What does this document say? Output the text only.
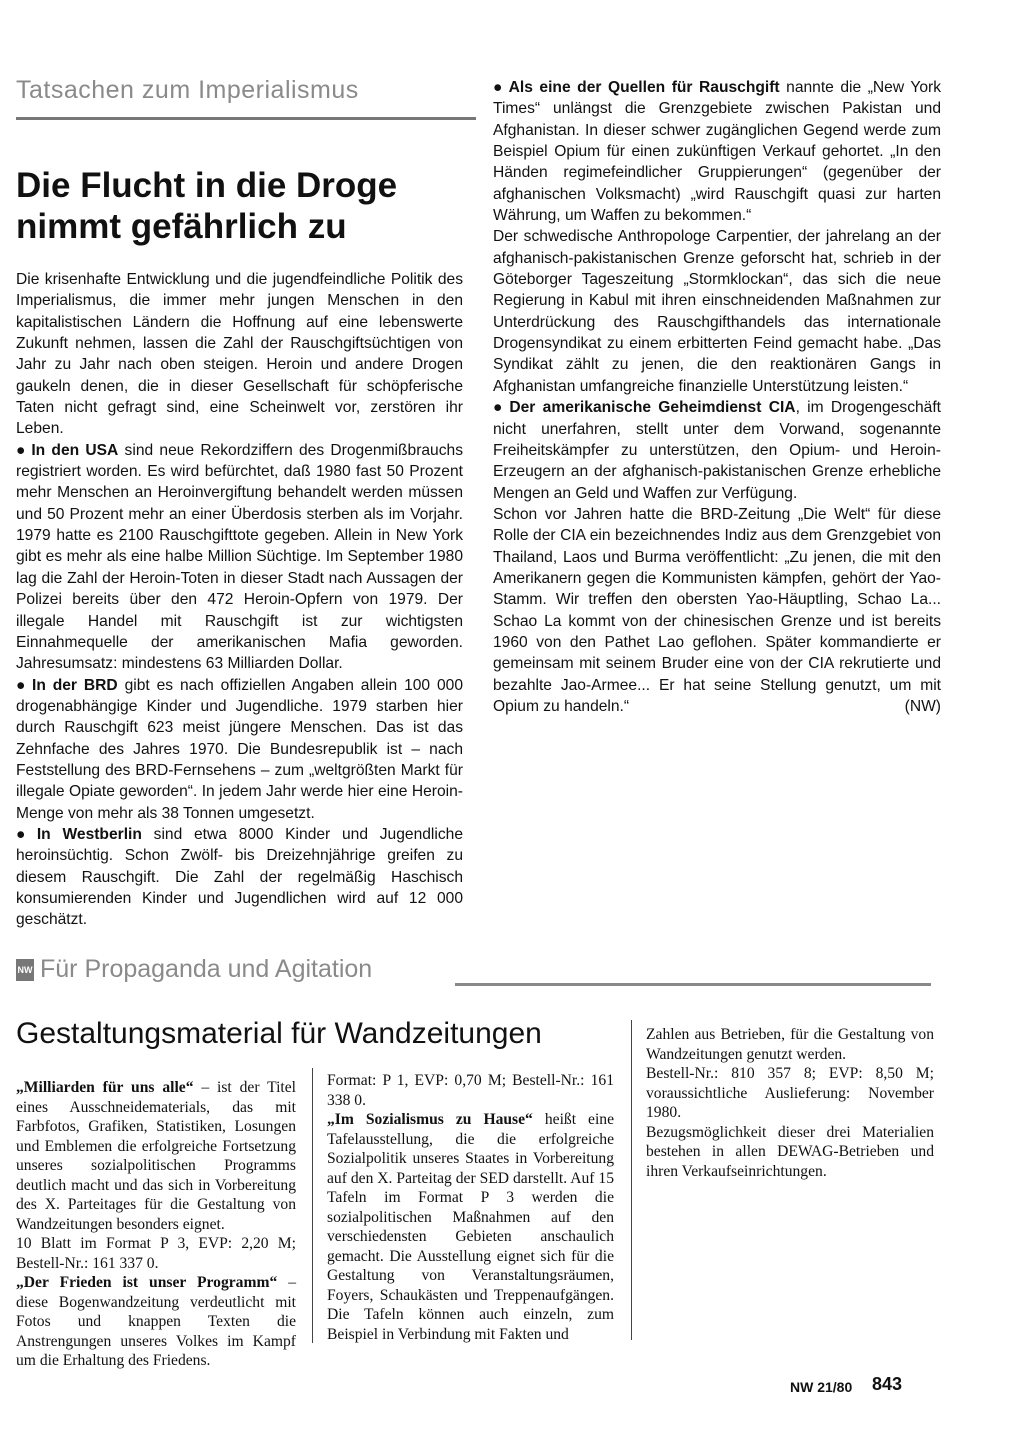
Tatsachen zum Imperialismus
Die Flucht in die Droge nimmt gefährlich zu

Die krisenhafte Entwicklung und die jugendfeindliche Politik des Imperialismus, die immer mehr jungen Menschen in den kapitalistischen Ländern die Hoffnung auf eine lebenswerte Zukunft nehmen, lassen die Zahl der Rauschgiftsüchtigen von Jahr zu Jahr nach oben steigen. Heroin und andere Drogen gaukeln denen, die in dieser Gesellschaft für schöpferische Taten nicht gefragt sind, eine Scheinwelt vor, zerstören ihr Leben.

● In den USA sind neue Rekordziffern des Drogenmißbrauchs registriert worden. Es wird befürchtet, daß 1980 fast 50 Prozent mehr Menschen an Heroinvergiftung behandelt werden müssen und 50 Prozent mehr an einer Überdosis sterben als im Vorjahr. 1979 hatte es 2100 Rauschgifttote gegeben. Allein in New York gibt es mehr als eine halbe Million Süchtige. Im September 1980 lag die Zahl der Heroin-Toten in dieser Stadt nach Aussagen der Polizei bereits über den 472 Heroin-Opfern von 1979. Der illegale Handel mit Rauschgift ist zur wichtigsten Einnahmequelle der amerikanischen Mafia geworden. Jahresumsatz: mindestens 63 Milliarden Dollar.

● In der BRD gibt es nach offiziellen Angaben allein 100 000 drogenabhängige Kinder und Jugendliche. 1979 starben hier durch Rauschgift 623 meist jüngere Menschen. Das ist das Zehnfache des Jahres 1970. Die Bundesrepublik ist – nach Feststellung des BRD-Fernsehens – zum „weltgrößten Markt für illegale Opiate geworden“. In jedem Jahr werde hier eine Heroin-Menge von mehr als 38 Tonnen umgesetzt.

● In Westberlin sind etwa 8000 Kinder und Jugendliche heroinsüchtig. Schon Zwölf- bis Dreizehnjährige greifen zu diesem Rauschgift. Die Zahl der regelmäßig Haschisch konsumierenden Kinder und Jugendlichen wird auf 12 000 geschätzt.

● Als eine der Quellen für Rauschgift nannte die „New York Times“ unlängst die Grenzgebiete zwischen Pakistan und Afghanistan. In dieser schwer zugänglichen Gegend werde zum Beispiel Opium für einen zukünftigen Verkauf gehortet. „In den Händen regimefeindlicher Gruppierungen“ (gegenüber der afghanischen Volksmacht) „wird Rauschgift quasi zur harten Währung, um Waffen zu bekommen.“

Der schwedische Anthropologe Carpentier, der jahrelang an der afghanisch-pakistanischen Grenze geforscht hat, schrieb in der Göteborger Tageszeitung „Stormklockan“, das sich die neue Regierung in Kabul mit ihren einschneidenden Maßnahmen zur Unterdrückung des Rauschgifthandels das internationale Drogensyndikat zu einem erbitterten Feind gemacht habe. „Das Syndikat zählt zu jenen, die den reaktionären Gangs in Afghanistan umfangreiche finanzielle Unterstützung leisten.“

● Der amerikanische Geheimdienst CIA, im Drogengeschäft nicht unerfahren, stellt unter dem Vorwand, sogenannte Freiheitskämpfer zu unterstützen, den Opium- und Heroin-Erzeugern an der afghanisch-pakistanischen Grenze erhebliche Mengen an Geld und Waffen zur Verfügung.

Schon vor Jahren hatte die BRD-Zeitung „Die Welt“ für diese Rolle der CIA ein bezeichnendes Indiz aus dem Grenzgebiet von Thailand, Laos und Burma veröffentlicht: „Zu jenen, die mit den Amerikanern gegen die Kommunisten kämpfen, gehört der Yao-Stamm. Wir treffen den obersten Yao-Häuptling, Schao La... Schao La kommt von der chinesischen Grenze und ist bereits 1960 von den Pathet Lao geflohen. Später kommandierte er gemeinsam mit seinem Bruder eine von der CIA rekrutierte und bezahlte Jao-Armee... Er hat seine Stellung genutzt, um mit Opium zu handeln.“	(NW)

NW Für Propaganda und Agitation
Gestaltungsmaterial für Wandzeitungen

„Milliarden für uns alle“ – ist der Titel eines Ausschneidematerials, das mit Farbfotos, Grafiken, Statistiken, Losungen und Emblemen die erfolgreiche Fortsetzung unseres sozialpolitischen Programms deutlich macht und das sich in Vorbereitung des X. Parteitages für die Gestaltung von Wandzeitungen besonders eignet.

10 Blatt im Format P 3, EVP: 2,20 M; Bestell-Nr.: 161 337 0.

„Der Frieden ist unser Programm“ – diese Bogenwandzeitung verdeutlicht mit Fotos und knappen Texten die Anstrengungen unseres Volkes im Kampf um die Erhaltung des Friedens.

Format: P 1, EVP: 0,70 M; Bestell-Nr.: 161 338 0.

„Im Sozialismus zu Hause“ heißt eine Tafelausstellung, die die erfolgreiche Sozialpolitik unseres Staates in Vorbereitung auf den X. Parteitag der SED darstellt. Auf 15 Tafeln im Format P 3 werden die sozialpolitischen Maßnahmen auf den verschiedensten Gebieten anschaulich gemacht. Die Ausstellung eignet sich für die Gestaltung von Veranstaltungsräumen, Foyers, Schaukästen und Treppenaufgängen. Die Tafeln können auch einzeln, zum Beispiel in Verbindung mit Fakten und

Zahlen aus Betrieben, für die Gestaltung von Wandzeitungen genutzt werden.

Bestell-Nr.: 810 357 8; EVP: 8,50 M; voraussichtliche Auslieferung: November 1980.

Bezugsmöglichkeit dieser drei Materialien bestehen in allen DEWAG-Betrieben und ihren Verkaufseinrichtungen.

NW 21/80 843
